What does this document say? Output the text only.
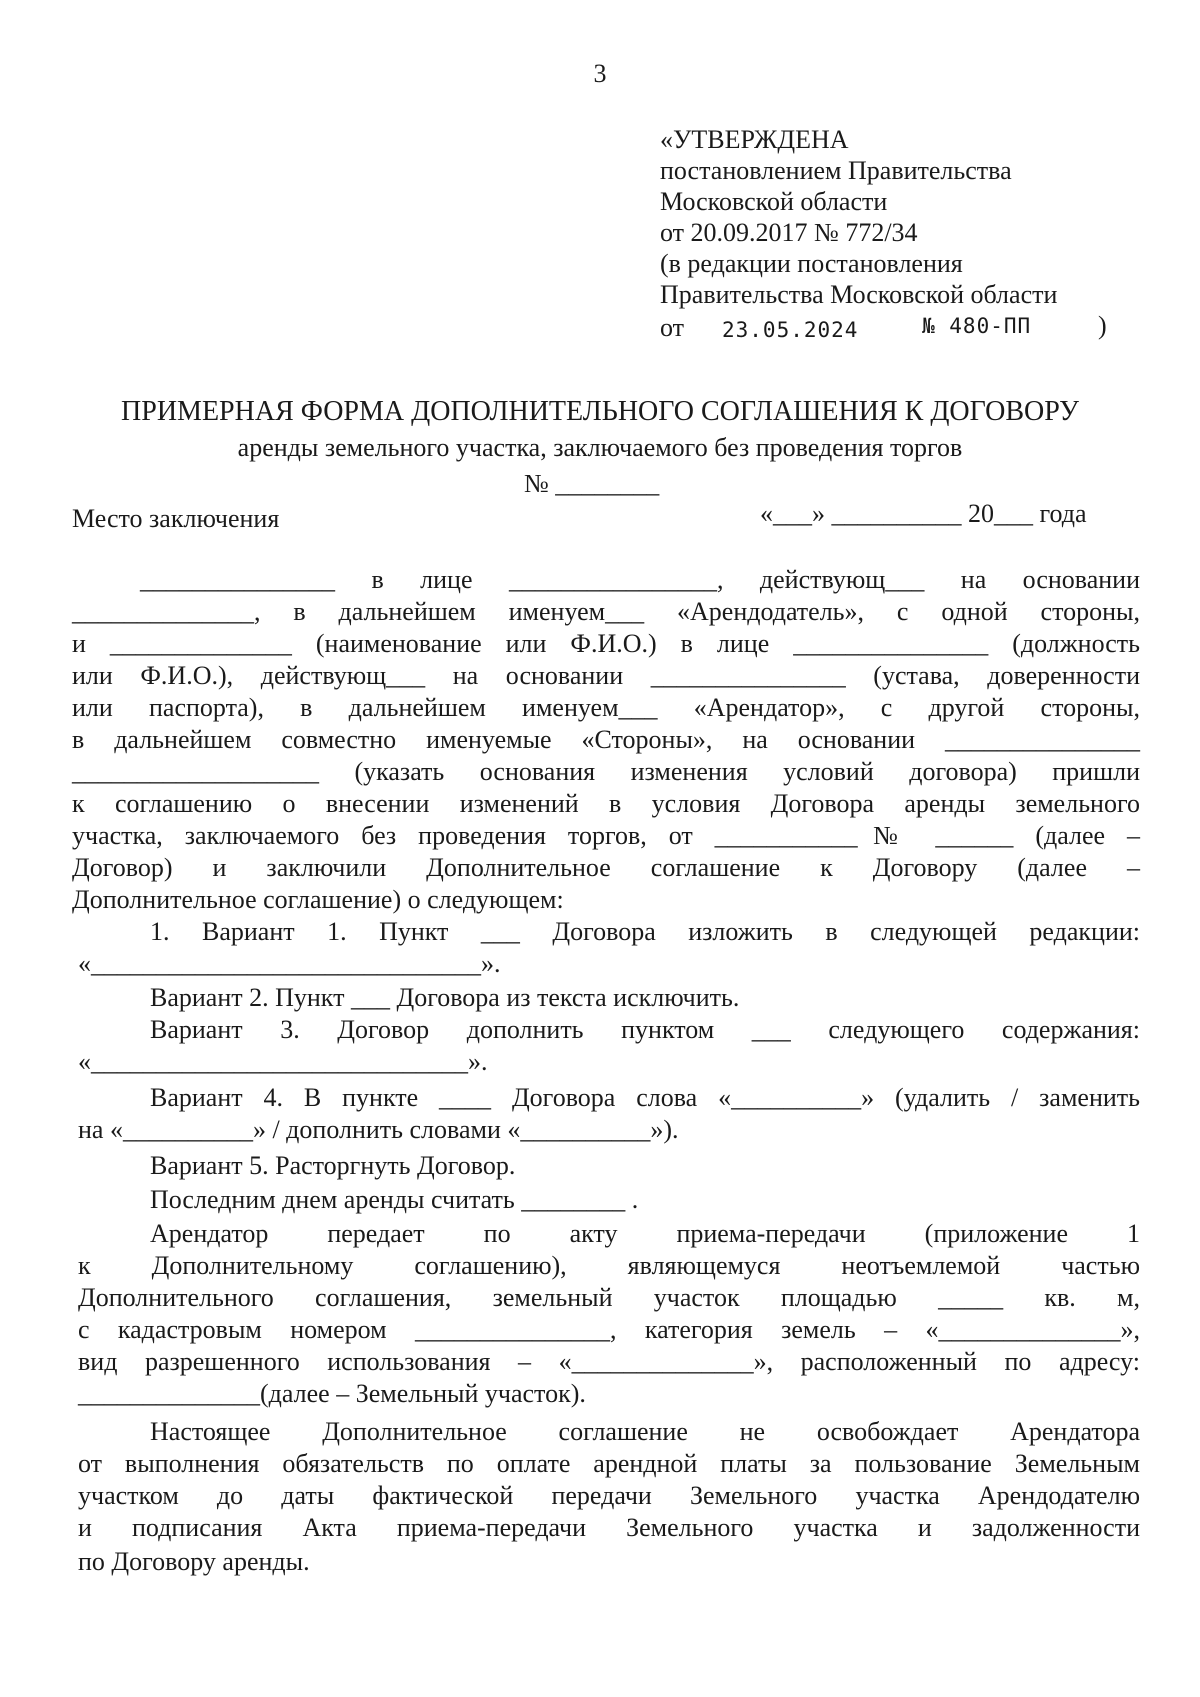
3
«УТВЕРЖДЕНА
постановлением Правительства
Московской области
от 20.09.2017 № 772/34
(в редакции постановления
Правительства Московской области
от 23.05.2024	№ 480-ПП	)
ПРИМЕРНАЯ ФОРМА ДОПОЛНИТЕЛЬНОГО СОГЛАШЕНИЯ К ДОГОВОРУ
аренды земельного участка, заключаемого без проведения торгов
№ ________
Место заключения	«___» __________ 20___ года
_______________ в лице ________________, действующ___ на основании
______________, в дальнейшем именуем___ «Арендодатель», с одной стороны,
и ______________ (наименование или Ф.И.О.) в лице _______________ (должность
или Ф.И.О.), действующ___ на основании _______________ (устава, доверенности
или паспорта), в дальнейшем именуем___ «Арендатор», с другой стороны,
в дальнейшем совместно именуемые «Стороны», на основании _______________
___________________ (указать основания изменения условий договора) пришли
к соглашению о внесении изменений в условия Договора аренды земельного
участка, заключаемого без проведения торгов, от ___________№ ______ (далее –
Договор) и заключили Дополнительное соглашение к Договору (далее –
Дополнительное соглашение) о следующем:
1. Вариант 1. Пункт ___ Договора изложить в следующей редакции:
«______________________________».
Вариант 2. Пункт ___ Договора из текста исключить.
Вариант 3. Договор дополнить пунктом ___ следующего содержания:
«_____________________________».
Вариант 4. В пункте ____ Договора слова «__________» (удалить / заменить
на «__________» / дополнить словами «__________»).
Вариант 5. Расторгнуть Договор.
Последним днем аренды считать ________ .
Арендатор передает по акту приема-передачи (приложение 1
к Дополнительному соглашению), являющемуся неотъемлемой частью
Дополнительного соглашения, земельный участок площадью _____ кв. м,
с кадастровым номером _______________, категория земель – «______________»,
вид разрешенного использования – «______________», расположенный по адресу:
______________(далее – Земельный участок).
Настоящее Дополнительное соглашение не освобождает Арендатора
от выполнения обязательств по оплате арендной платы за пользование Земельным
участком до даты фактической передачи Земельного участка Арендодателю
и подписания Акта приема-передачи Земельного участка и задолженности
по Договору аренды.
